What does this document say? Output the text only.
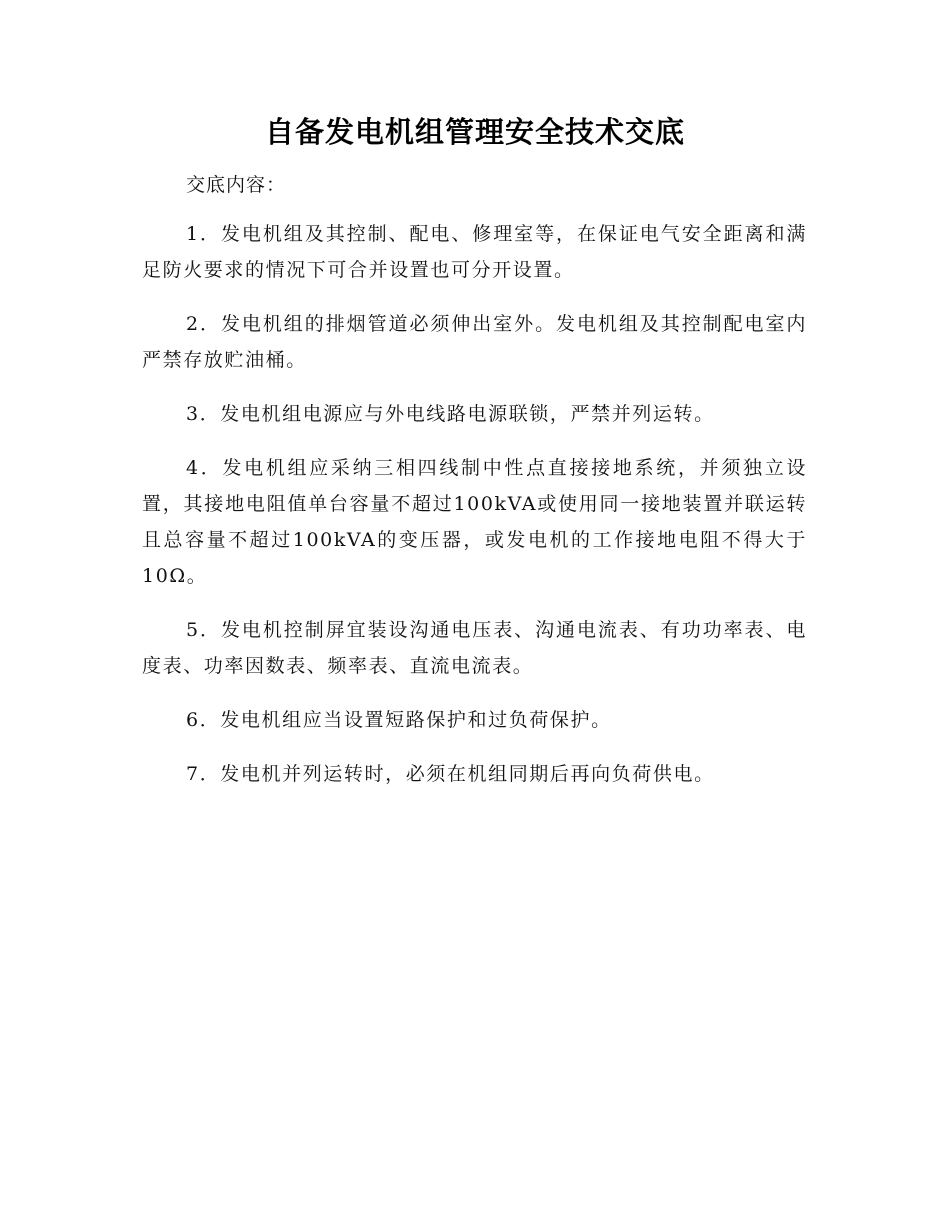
自备发电机组管理安全技术交底
交底内容：

1．发电机组及其控制、配电、修理室等，在保证电气安全距离和满足防火要求的情况下可合并设置也可分开设置。

2．发电机组的排烟管道必须伸出室外。发电机组及其控制配电室内严禁存放贮油桶。

3．发电机组电源应与外电线路电源联锁，严禁并列运转。

4．发电机组应采纳三相四线制中性点直接接地系统，并须独立设置，其接地电阻值单台容量不超过100kVA或使用同一接地装置并联运转且总容量不超过100kVA的变压器，或发电机的工作接地电阻不得大于10Ω。

5．发电机控制屏宜装设沟通电压表、沟通电流表、有功功率表、电度表、功率因数表、频率表、直流电流表。

6．发电机组应当设置短路保护和过负荷保护。

7．发电机并列运转时，必须在机组同期后再向负荷供电。
